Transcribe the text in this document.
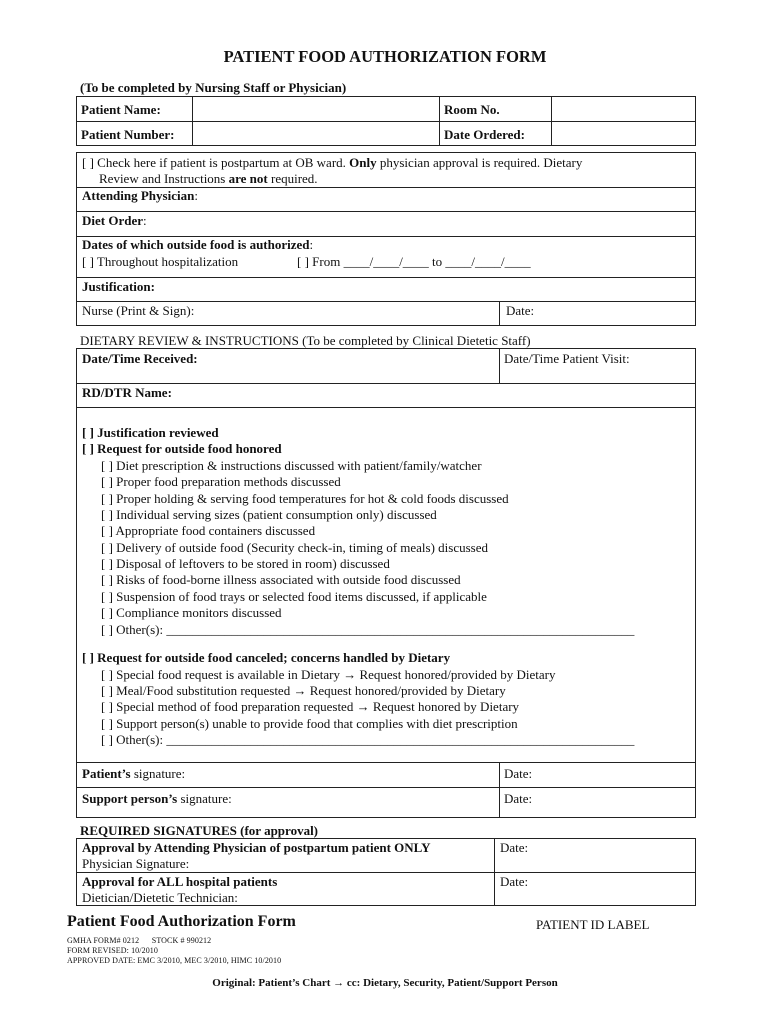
PATIENT FOOD AUTHORIZATION FORM
(To be completed by Nursing Staff or Physician)
Patient Name:	Room No.
Patient Number:	Date Ordered:
[ ] Check here if patient is postpartum at OB ward. Only physician approval is required. Dietary
Review and Instructions are not required.
Attending Physician:
Diet Order:
Dates of which outside food is authorized:
[ ] Throughout hospitalization	[ ] From ____/____/____ to ____/____/____
Justification:
Nurse (Print & Sign):	Date:
DIETARY REVIEW & INSTRUCTIONS (To be completed by Clinical Dietetic Staff)
Date/Time Received:	Date/Time Patient Visit:
RD/DTR Name:
[ ] Justification reviewed
[ ] Request for outside food honored
[ ] Diet prescription & instructions discussed with patient/family/watcher
[ ] Proper food preparation methods discussed
[ ] Proper holding & serving food temperatures for hot & cold foods discussed
[ ] Individual serving sizes (patient consumption only) discussed
[ ] Appropriate food containers discussed
[ ] Delivery of outside food (Security check-in, timing of meals) discussed
[ ] Disposal of leftovers to be stored in room) discussed
[ ] Risks of food-borne illness associated with outside food discussed
[ ] Suspension of food trays or selected food items discussed, if applicable
[ ] Compliance monitors discussed
[ ] Other(s): ________________________________________________________________________
[ ] Request for outside food canceled; concerns handled by Dietary
[ ] Special food request is available in Dietary → Request honored/provided by Dietary
[ ] Meal/Food substitution requested → Request honored/provided by Dietary
[ ] Special method of food preparation requested → Request honored by Dietary
[ ] Support person(s) unable to provide food that complies with diet prescription
[ ] Other(s): ________________________________________________________________________
Patient’s signature:	Date:
Support person’s signature:	Date:
REQUIRED SIGNATURES (for approval)
Approval by Attending Physician of postpartum patient ONLY
Physician Signature:
Date:
Approval for ALL hospital patients
Dietician/Dietetic Technician:
Date:
Patient Food Authorization Form	PATIENT ID LABEL
GMHA FORM# 0212      STOCK # 990212
FORM REVISED: 10/2010
APPROVED DATE: EMC 3/2010, MEC 3/2010, HIMC 10/2010
Original: Patient’s Chart → cc: Dietary, Security, Patient/Support Person
